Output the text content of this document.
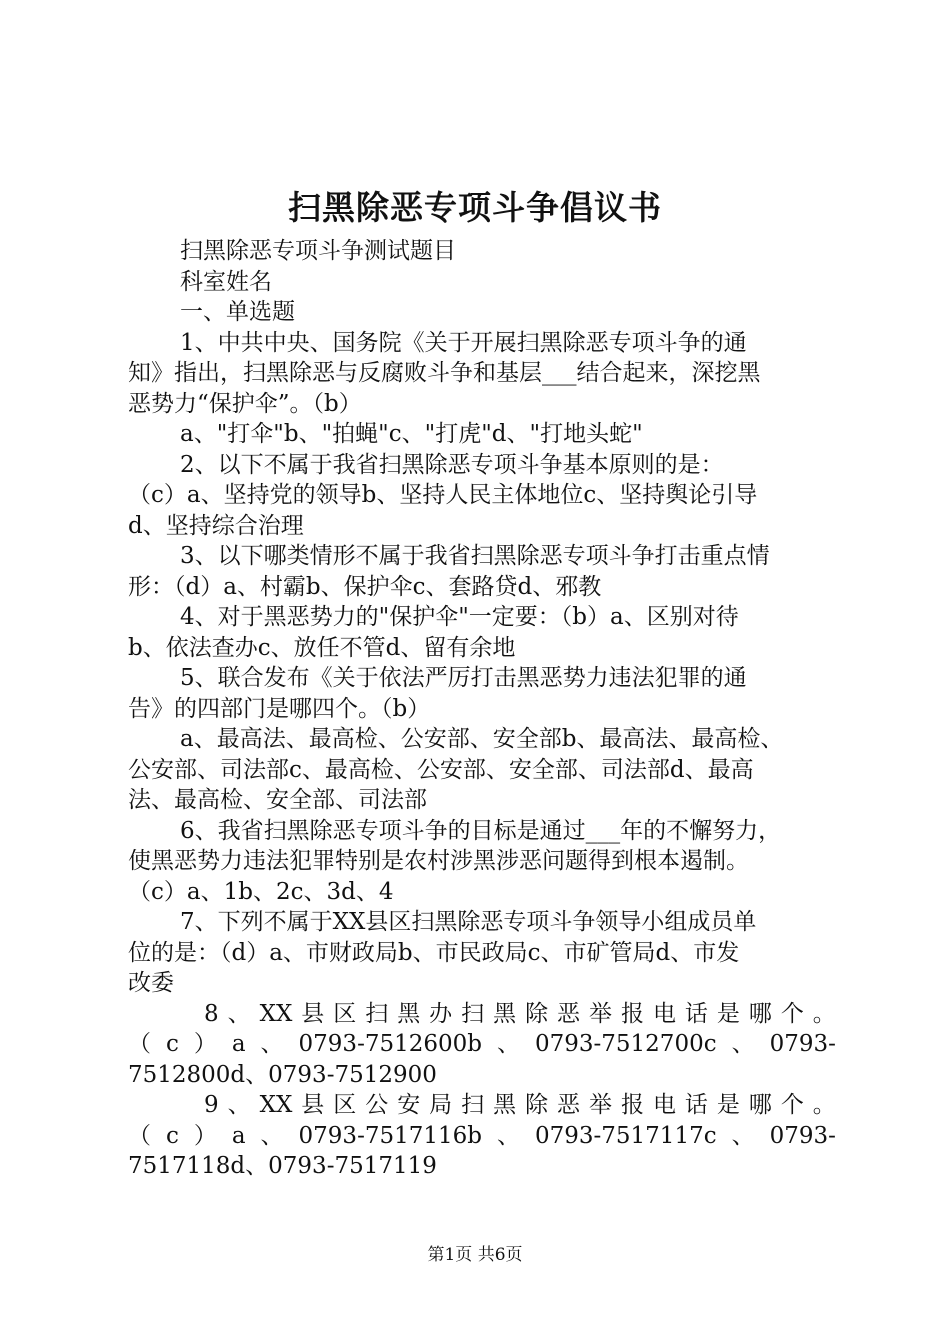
扫黑除恶专项斗争倡议书
扫黑除恶专项斗争测试题目
科室姓名
一、单选题
1、中共中央、国务院《关于开展扫黑除恶专项斗争的通
知》指出，扫黑除恶与反腐败斗争和基层___结合起来，深挖黑
恶势力“保护伞”。（b）
a、"打伞"b、"拍蝇"c、"打虎"d、"打地头蛇"
2、以下不属于我省扫黑除恶专项斗争基本原则的是：
（c）a、坚持党的领导b、坚持人民主体地位c、坚持舆论引导
d、坚持综合治理
3、以下哪类情形不属于我省扫黑除恶专项斗争打击重点情
形：（d）a、村霸b、保护伞c、套路贷d、邪教
4、对于黑恶势力的"保护伞"一定要：（b）a、区别对待
b、依法查办c、放任不管d、留有余地
5、联合发布《关于依法严厉打击黑恶势力违法犯罪的通
告》的四部门是哪四个。（b）
a、最高法、最高检、公安部、安全部b、最高法、最高检、
公安部、司法部c、最高检、公安部、安全部、司法部d、最高
法、最高检、安全部、司法部
6、我省扫黑除恶专项斗争的目标是通过___年的不懈努力，
使黑恶势力违法犯罪特别是农村涉黑涉恶问题得到根本遏制。
（c）a、1b、2c、3d、4
7、下列不属于XX县区扫黑除恶专项斗争领导小组成员单
位的是：（d）a、市财政局b、市民政局c、市矿管局d、市发
改委
8 、 XX 县 区 扫 黑 办 扫 黑 除 恶 举 报 电 话 是 哪 个 。
（ c ） a 、 0793-7512600b 、 0793-7512700c 、 0793-
7512800d、0793-7512900
9 、 XX 县 区 公 安 局 扫 黑 除 恶 举 报 电 话 是 哪 个 。
（ c ） a 、 0793-7517116b 、 0793-7517117c 、 0793-
7517118d、0793-7517119
第1页 共6页
